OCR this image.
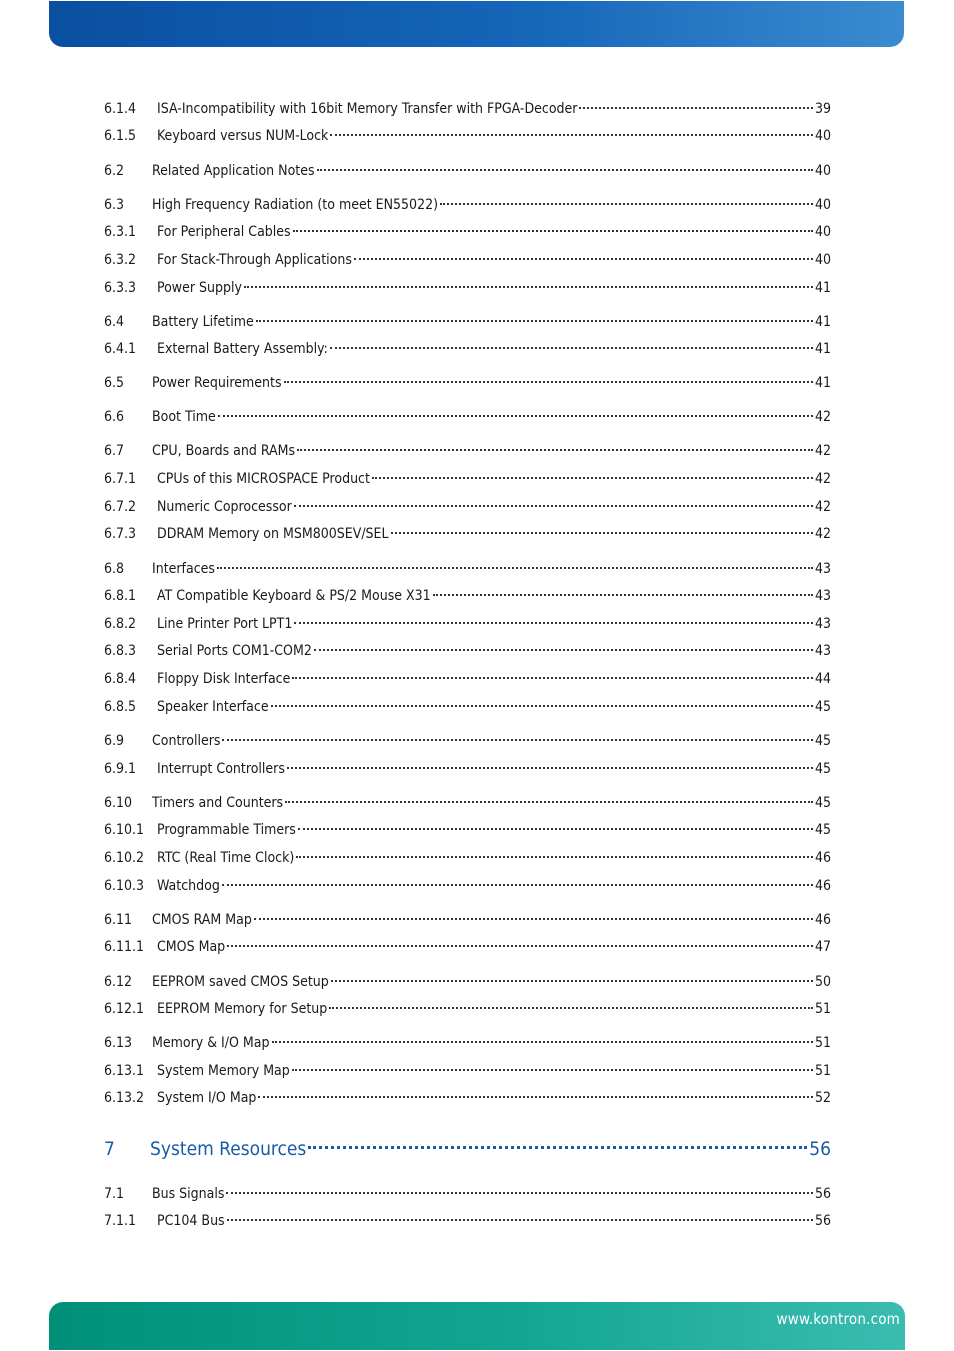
6.1.4	ISA-Incompatibility with 16bit Memory Transfer with FPGA-Decoder	39
6.1.5	Keyboard versus NUM-Lock	40
6.2	Related Application Notes	40
6.3	High Frequency Radiation (to meet EN55022)	40
6.3.1	For Peripheral Cables	40
6.3.2	For Stack-Through Applications	40
6.3.3	Power Supply	41
6.4	Battery Lifetime	41
6.4.1	External Battery Assembly:	41
6.5	Power Requirements	41
6.6	Boot Time	42
6.7	CPU, Boards and RAMs	42
6.7.1	CPUs of this MICROSPACE Product	42
6.7.2	Numeric Coprocessor	42
6.7.3	DDRAM Memory on MSM800SEV/SEL	42
6.8	Interfaces	43
6.8.1	AT Compatible Keyboard & PS/2 Mouse X31	43
6.8.2	Line Printer Port LPT1	43
6.8.3	Serial Ports COM1-COM2	43
6.8.4	Floppy Disk Interface	44
6.8.5	Speaker Interface	45
6.9	Controllers	45
6.9.1	Interrupt Controllers	45
6.10	Timers and Counters	45
6.10.1 Programmable Timers	45
6.10.2 RTC (Real Time Clock)	46
6.10.3 Watchdog	46
6.11	CMOS RAM Map	46
6.11.1 CMOS Map	47
6.12	EEPROM saved CMOS Setup	50
6.12.1 EEPROM Memory for Setup	51
6.13	Memory & I/O Map	51
6.13.1 System Memory Map	51
6.13.2 System I/O Map	52
7	System Resources	56
7.1	Bus Signals	56
7.1.1	PC104 Bus	56
www.kontron.com
